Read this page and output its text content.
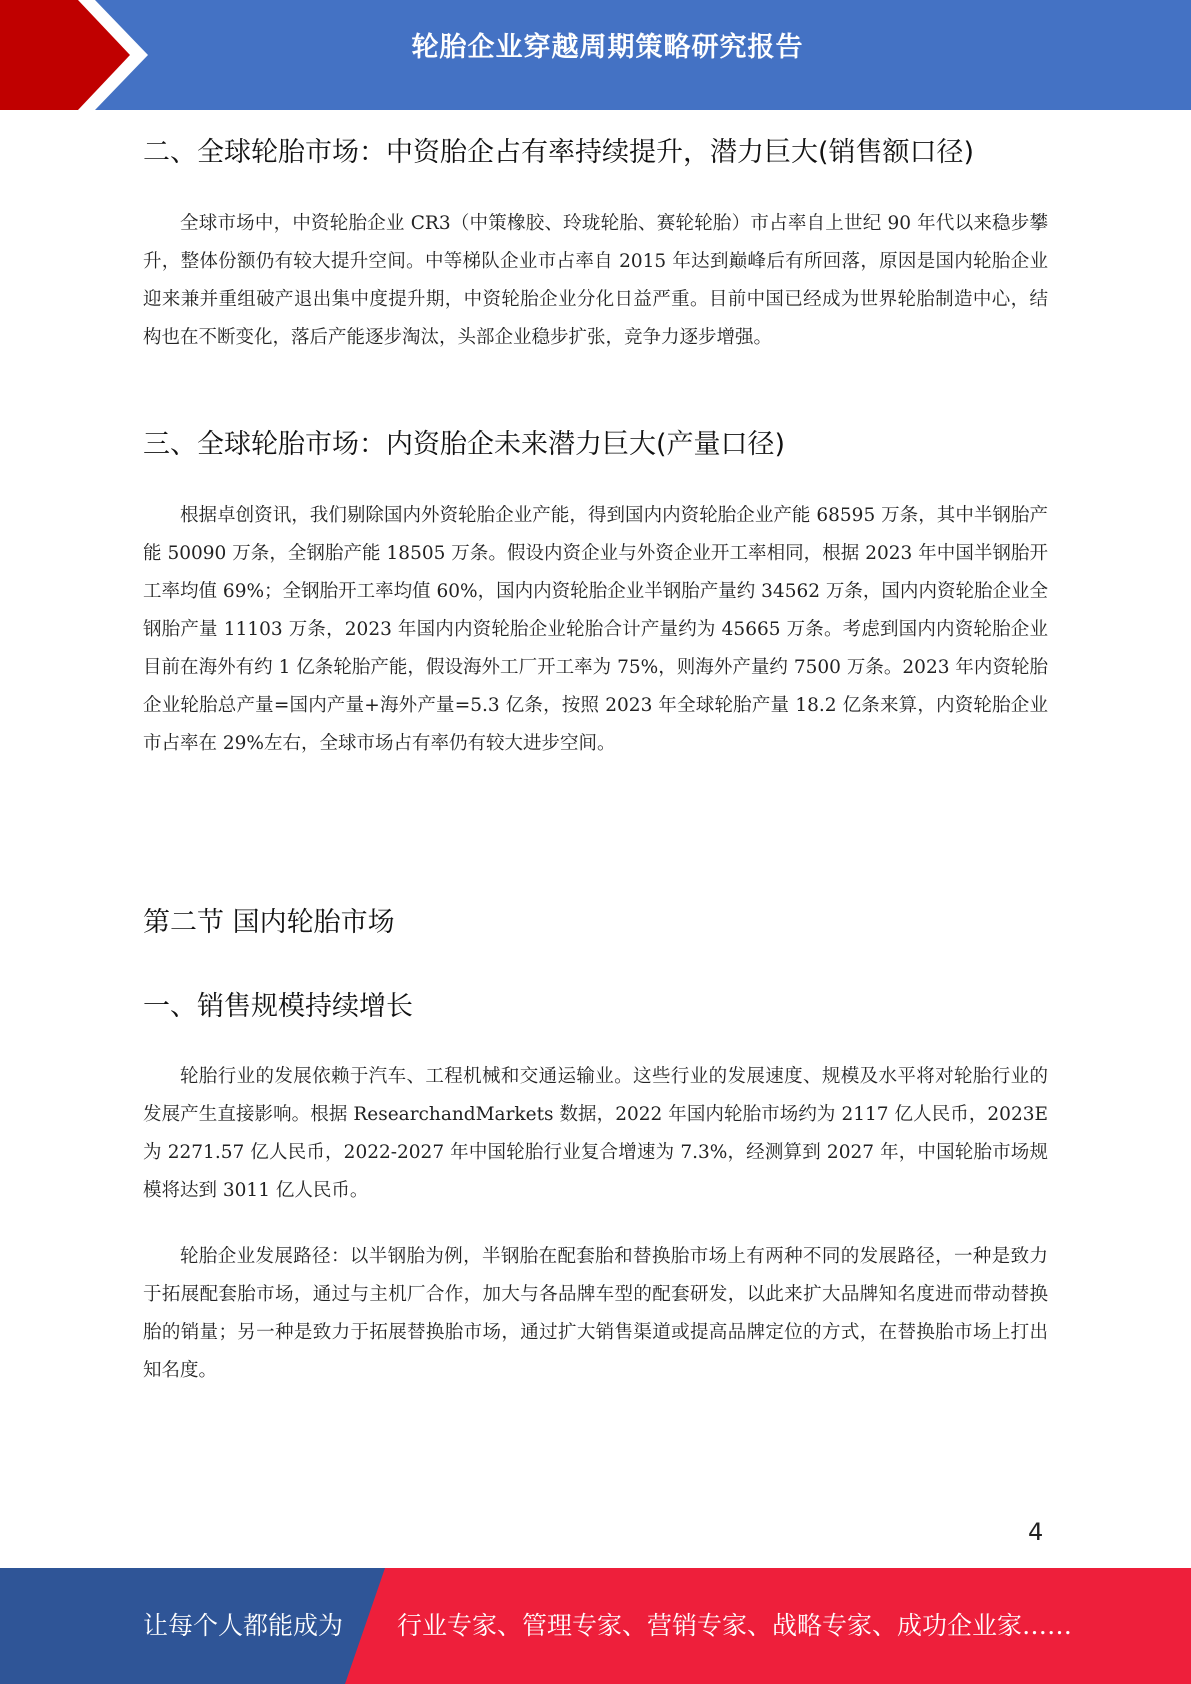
轮胎企业穿越周期策略研究报告
二、全球轮胎市场：中资胎企占有率持续提升，潜力巨大(销售额口径)

全球市场中，中资轮胎企业 CR3（中策橡胶、玲珑轮胎、赛轮轮胎）市占率自上世纪 90 年代以来稳步攀升，整体份额仍有较大提升空间。中等梯队企业市占率自 2015 年达到巅峰后有所回落，原因是国内轮胎企业迎来兼并重组破产退出集中度提升期，中资轮胎企业分化日益严重。目前中国已经成为世界轮胎制造中心，结构也在不断变化，落后产能逐步淘汰，头部企业稳步扩张，竞争力逐步增强。

三、全球轮胎市场：内资胎企未来潜力巨大(产量口径)

根据卓创资讯，我们剔除国内外资轮胎企业产能，得到国内内资轮胎企业产能 68595 万条，其中半钢胎产能 50090 万条，全钢胎产能 18505 万条。假设内资企业与外资企业开工率相同，根据 2023 年中国半钢胎开工率均值 69%；全钢胎开工率均值 60%，国内内资轮胎企业半钢胎产量约 34562 万条，国内内资轮胎企业全钢胎产量 11103 万条，2023 年国内内资轮胎企业轮胎合计产量约为 45665 万条。考虑到国内内资轮胎企业目前在海外有约 1 亿条轮胎产能，假设海外工厂开工率为 75%，则海外产量约 7500 万条。2023 年内资轮胎企业轮胎总产量=国内产量+海外产量=5.3 亿条，按照 2023 年全球轮胎产量 18.2 亿条来算，内资轮胎企业市占率在 29%左右，全球市场占有率仍有较大进步空间。

第二节 国内轮胎市场
一、销售规模持续增长

轮胎行业的发展依赖于汽车、工程机械和交通运输业。这些行业的发展速度、规模及水平将对轮胎行业的发展产生直接影响。根据 ResearchandMarkets 数据，2022 年国内轮胎市场约为 2117 亿人民币，2023E 为 2271.57 亿人民币，2022-2027 年中国轮胎行业复合增速为 7.3%，经测算到 2027 年，中国轮胎市场规模将达到 3011 亿人民币。

轮胎企业发展路径：以半钢胎为例，半钢胎在配套胎和替换胎市场上有两种不同的发展路径，一种是致力于拓展配套胎市场，通过与主机厂合作，加大与各品牌车型的配套研发，以此来扩大品牌知名度进而带动替换胎的销量；另一种是致力于拓展替换胎市场，通过扩大销售渠道或提高品牌定位的方式，在替换胎市场上打出知名度。

4
让每个人都能成为 行业专家、管理专家、营销专家、战略专家、成功企业家……
